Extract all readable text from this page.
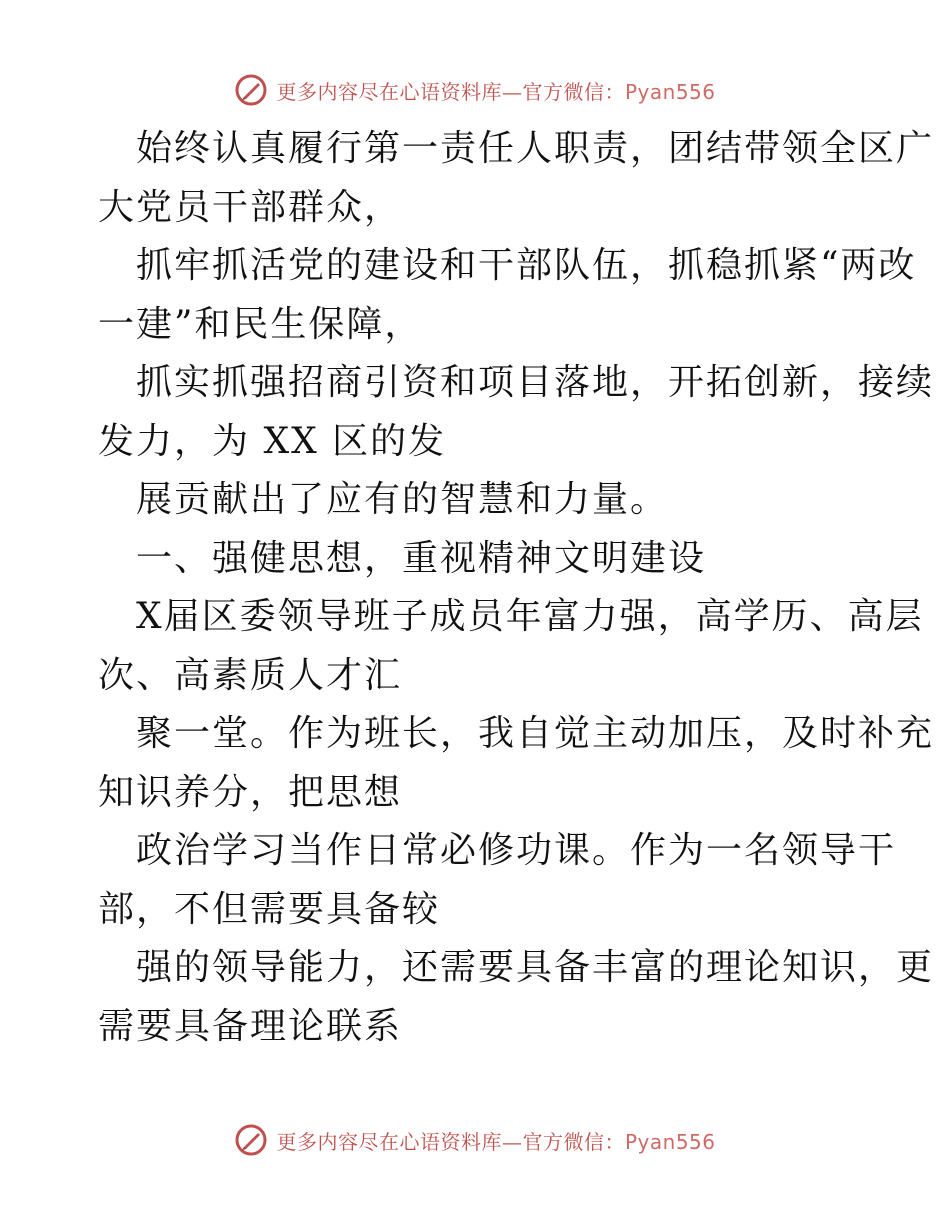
更多内容尽在心语资料库—官方微信：Pyan556
始终认真履行第一责任人职责，团结带领全区广
大党员干部群众，
抓牢抓活党的建设和干部队伍，抓稳抓紧“两改
一建”和民生保障，
抓实抓强招商引资和项目落地，开拓创新，接续
发力，为 XX 区的发
展贡献出了应有的智慧和力量。
一、强健思想，重视精神文明建设
X届区委领导班子成员年富力强，高学历、高层
次、高素质人才汇
聚一堂。作为班长，我自觉主动加压，及时补充
知识养分，把思想
政治学习当作日常必修功课。作为一名领导干
部，不但需要具备较
强的领导能力，还需要具备丰富的理论知识，更
需要具备理论联系
更多内容尽在心语资料库—官方微信：Pyan556
